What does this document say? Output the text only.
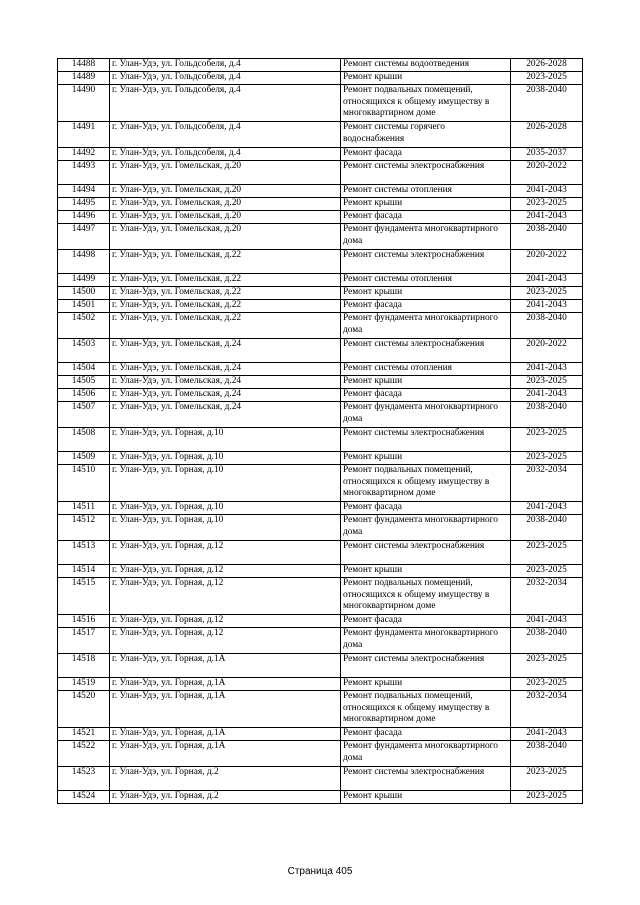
14488	г. Улан-Удэ, ул. Гольдсобеля, д.4	Ремонт системы водоотведения	2026-2028
14489	г. Улан-Удэ, ул. Гольдсобеля, д.4	Ремонт крыши	2023-2025
14490	г. Улан-Удэ, ул. Гольдсобеля, д.4	Ремонт подвальных помещений, относящихся к общему имуществу в многоквартирном доме	2038-2040
14491	г. Улан-Удэ, ул. Гольдсобеля, д.4	Ремонт системы горячего водоснабжения	2026-2028
14492	г. Улан-Удэ, ул. Гольдсобеля, д.4	Ремонт фасада	2035-2037
14493	г. Улан-Удэ, ул. Гомельская, д.20	Ремонт системы электроснабжения	2020-2022
14494	г. Улан-Удэ, ул. Гомельская, д.20	Ремонт системы отопления	2041-2043
14495	г. Улан-Удэ, ул. Гомельская, д.20	Ремонт крыши	2023-2025
14496	г. Улан-Удэ, ул. Гомельская, д.20	Ремонт фасада	2041-2043
14497	г. Улан-Удэ, ул. Гомельская, д.20	Ремонт фундамента многоквартирного дома	2038-2040
14498	г. Улан-Удэ, ул. Гомельская, д.22	Ремонт системы электроснабжения	2020-2022
14499	г. Улан-Удэ, ул. Гомельская, д.22	Ремонт системы отопления	2041-2043
14500	г. Улан-Удэ, ул. Гомельская, д.22	Ремонт крыши	2023-2025
14501	г. Улан-Удэ, ул. Гомельская, д.22	Ремонт фасада	2041-2043
14502	г. Улан-Удэ, ул. Гомельская, д.22	Ремонт фундамента многоквартирного дома	2038-2040
14503	г. Улан-Удэ, ул. Гомельская, д.24	Ремонт системы электроснабжения	2020-2022
14504	г. Улан-Удэ, ул. Гомельская, д.24	Ремонт системы отопления	2041-2043
14505	г. Улан-Удэ, ул. Гомельская, д.24	Ремонт крыши	2023-2025
14506	г. Улан-Удэ, ул. Гомельская, д.24	Ремонт фасада	2041-2043
14507	г. Улан-Удэ, ул. Гомельская, д.24	Ремонт фундамента многоквартирного дома	2038-2040
14508	г. Улан-Удэ, ул. Горная, д.10	Ремонт системы электроснабжения	2023-2025
14509	г. Улан-Удэ, ул. Горная, д.10	Ремонт крыши	2023-2025
14510	г. Улан-Удэ, ул. Горная, д.10	Ремонт подвальных помещений, относящихся к общему имуществу в многоквартирном доме	2032-2034
14511	г. Улан-Удэ, ул. Горная, д.10	Ремонт фасада	2041-2043
14512	г. Улан-Удэ, ул. Горная, д.10	Ремонт фундамента многоквартирного дома	2038-2040
14513	г. Улан-Удэ, ул. Горная, д.12	Ремонт системы электроснабжения	2023-2025
14514	г. Улан-Удэ, ул. Горная, д.12	Ремонт крыши	2023-2025
14515	г. Улан-Удэ, ул. Горная, д.12	Ремонт подвальных помещений, относящихся к общему имуществу в многоквартирном доме	2032-2034
14516	г. Улан-Удэ, ул. Горная, д.12	Ремонт фасада	2041-2043
14517	г. Улан-Удэ, ул. Горная, д.12	Ремонт фундамента многоквартирного дома	2038-2040
14518	г. Улан-Удэ, ул. Горная, д.1А	Ремонт системы электроснабжения	2023-2025
14519	г. Улан-Удэ, ул. Горная, д.1А	Ремонт крыши	2023-2025
14520	г. Улан-Удэ, ул. Горная, д.1А	Ремонт подвальных помещений, относящихся к общему имуществу в многоквартирном доме	2032-2034
14521	г. Улан-Удэ, ул. Горная, д.1А	Ремонт фасада	2041-2043
14522	г. Улан-Удэ, ул. Горная, д.1А	Ремонт фундамента многоквартирного дома	2038-2040
14523	г. Улан-Удэ, ул. Горная, д.2	Ремонт системы электроснабжения	2023-2025
14524	г. Улан-Удэ, ул. Горная, д.2	Ремонт крыши	2023-2025
Страница 405
